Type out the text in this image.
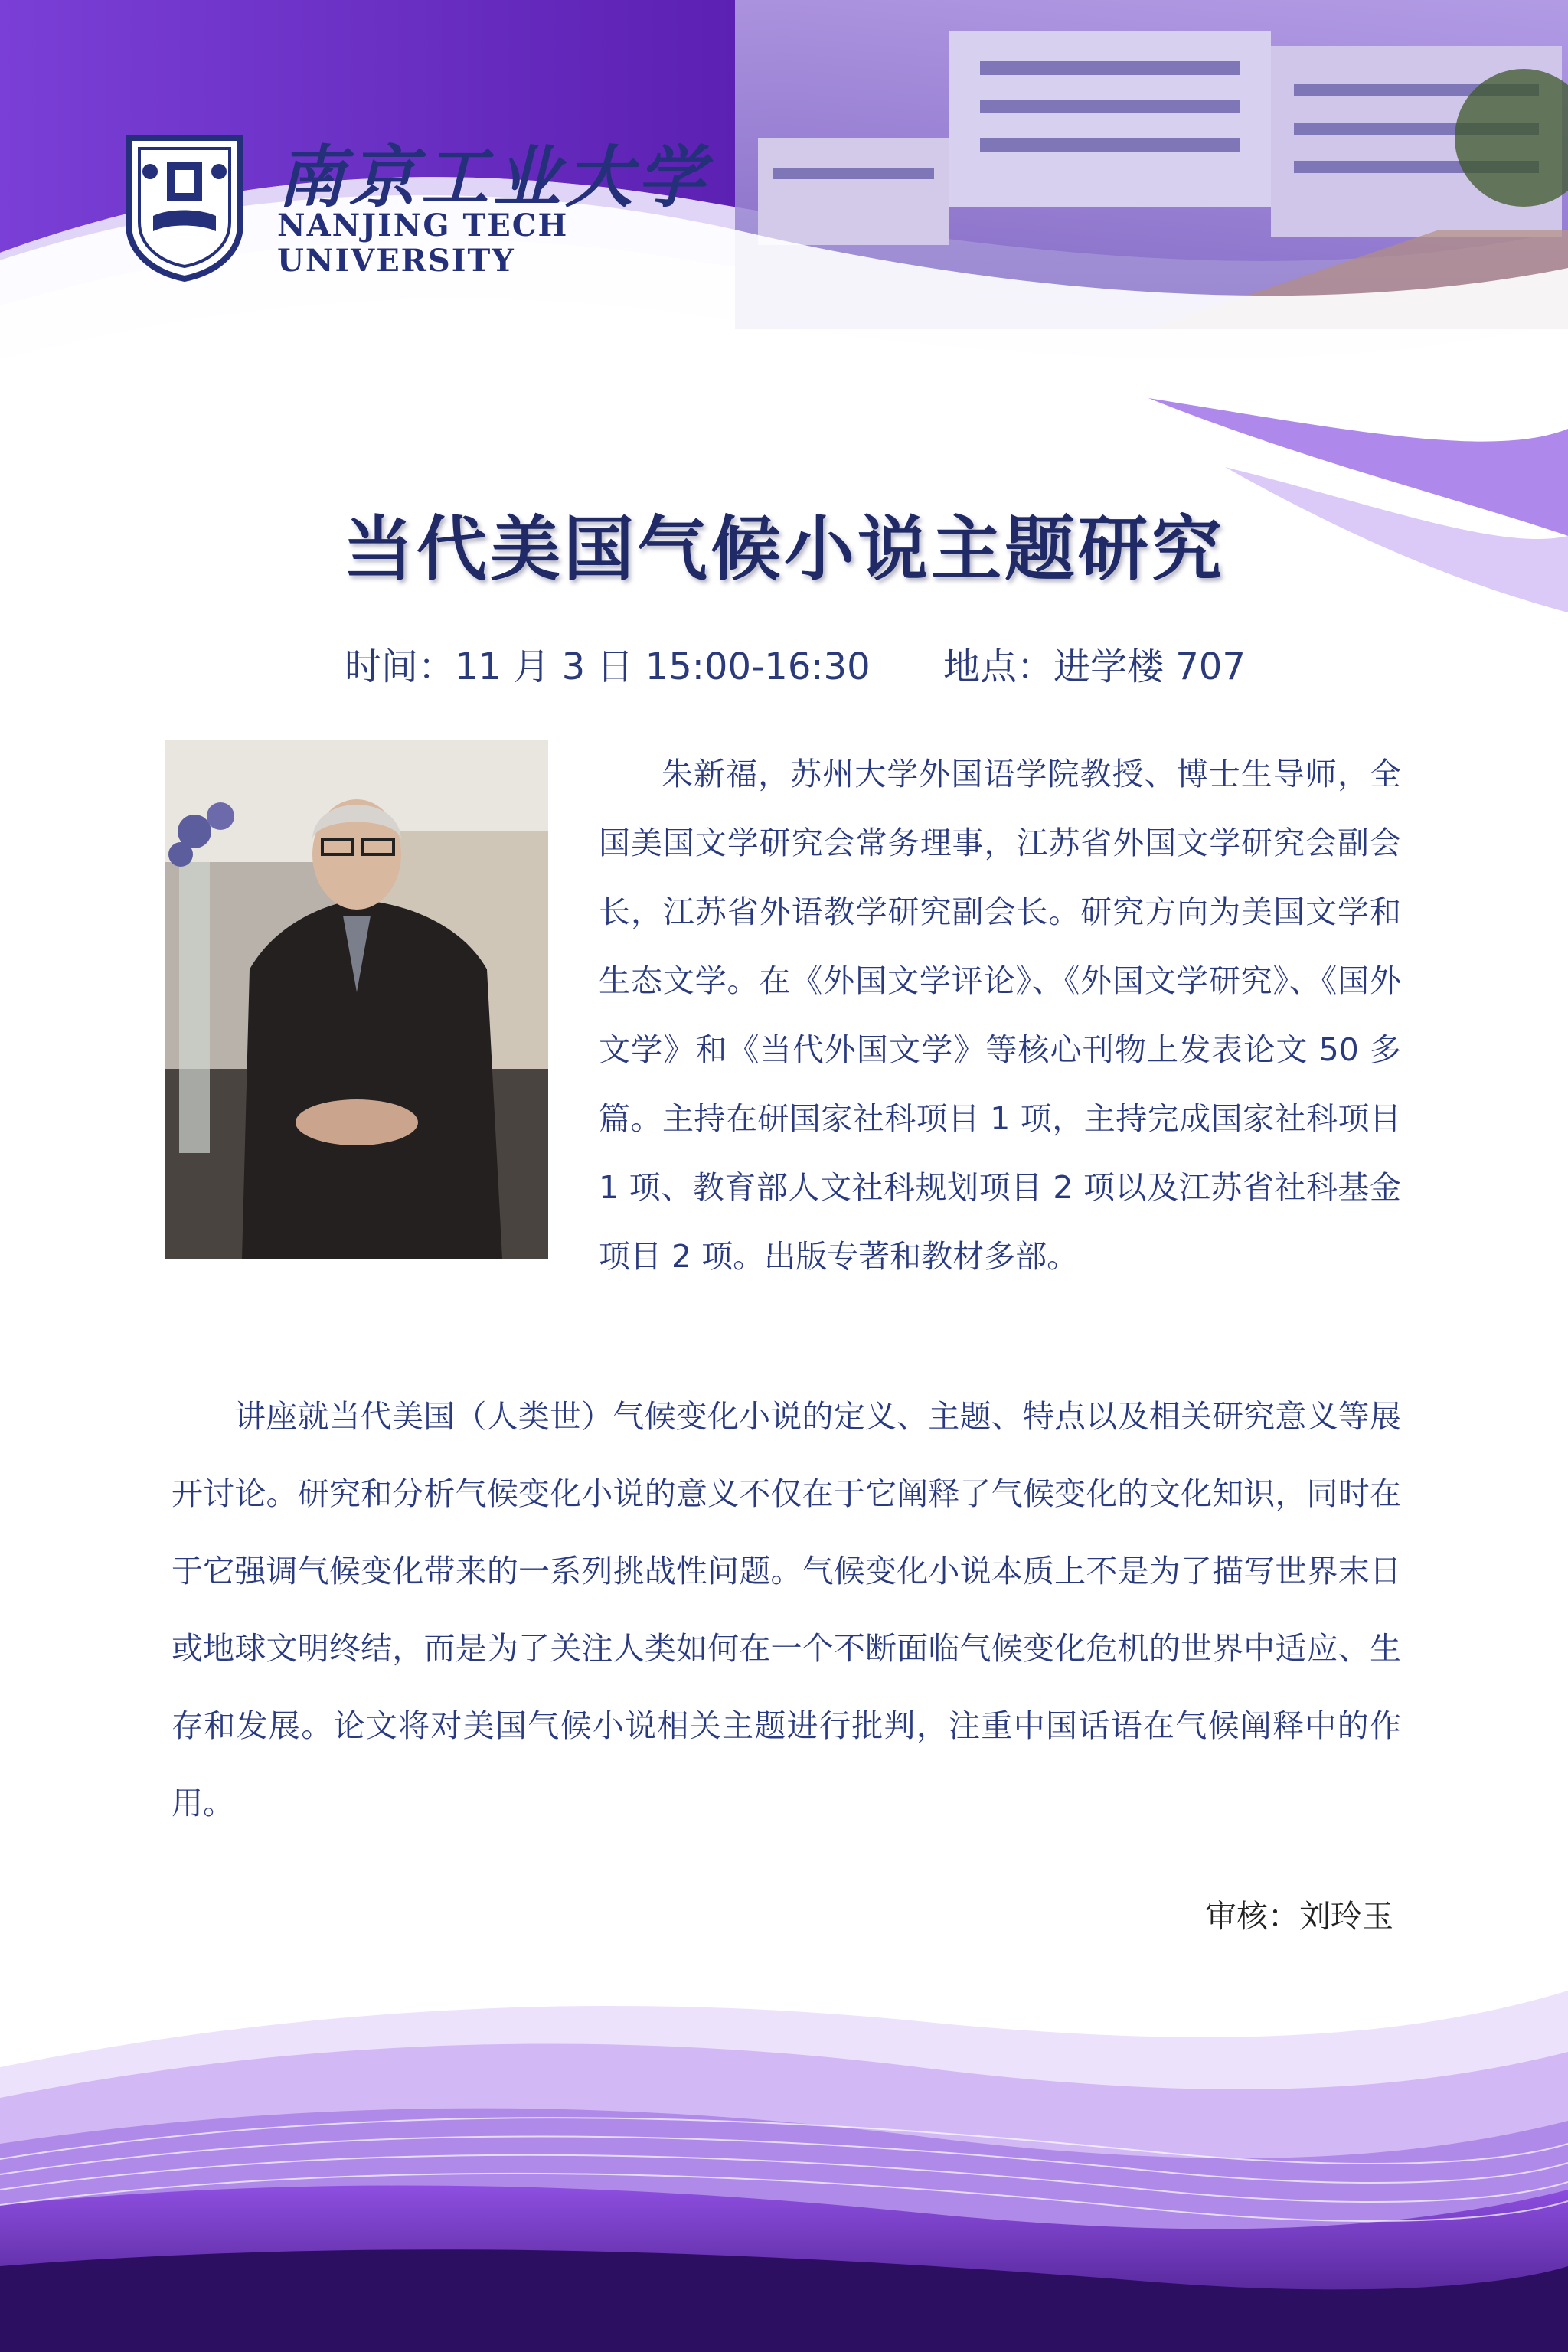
南京工业大学
NANJING TECH
UNIVERSITY
当代美国气候小说主题研究
时间：11 月 3 日 15:00-16:30 地点：进学楼 707

朱新福，苏州大学外国语学院教授、博士生导师，全国美国文学研究会常务理事，江苏省外国文学研究会副会长，江苏省外语教学研究副会长。研究方向为美国文学和生态文学。在《外国文学评论》、《外国文学研究》、《国外文学》和《当代外国文学》等核心刊物上发表论文 50 多篇。主持在研国家社科项目 1 项，主持完成国家社科项目 1 项、教育部人文社科规划项目 2 项以及江苏省社科基金项目 2 项。出版专著和教材多部。

讲座就当代美国（人类世）气候变化小说的定义、主题、特点以及相关研究意义等展开讨论。研究和分析气候变化小说的意义不仅在于它阐释了气候变化的文化知识，同时在于它强调气候变化带来的一系列挑战性问题。气候变化小说本质上不是为了描写世界末日或地球文明终结，而是为了关注人类如何在一个不断面临气候变化危机的世界中适应、生存和发展。论文将对美国气候小说相关主题进行批判，注重中国话语在气候阐释中的作用。

审核：刘玲玉
